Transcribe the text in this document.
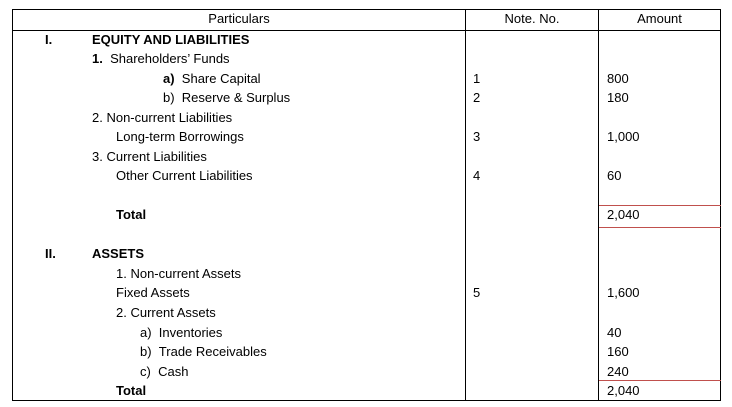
Particulars	Note. No.	Amount
I.	EQUITY AND LIABILITIES
1. Shareholders’ Funds
a) Share Capital	1	800
b) Reserve & Surplus	2	180
2. Non-current Liabilities
Long-term Borrowings	3	1,000
3. Current Liabilities
Other Current Liabilities	4	60
Total	2,040
II.	ASSETS
1. Non-current Assets
Fixed Assets	5	1,600
2. Current Assets
a) Inventories	40
b) Trade Receivables	160
c) Cash	240
Total	2,040
